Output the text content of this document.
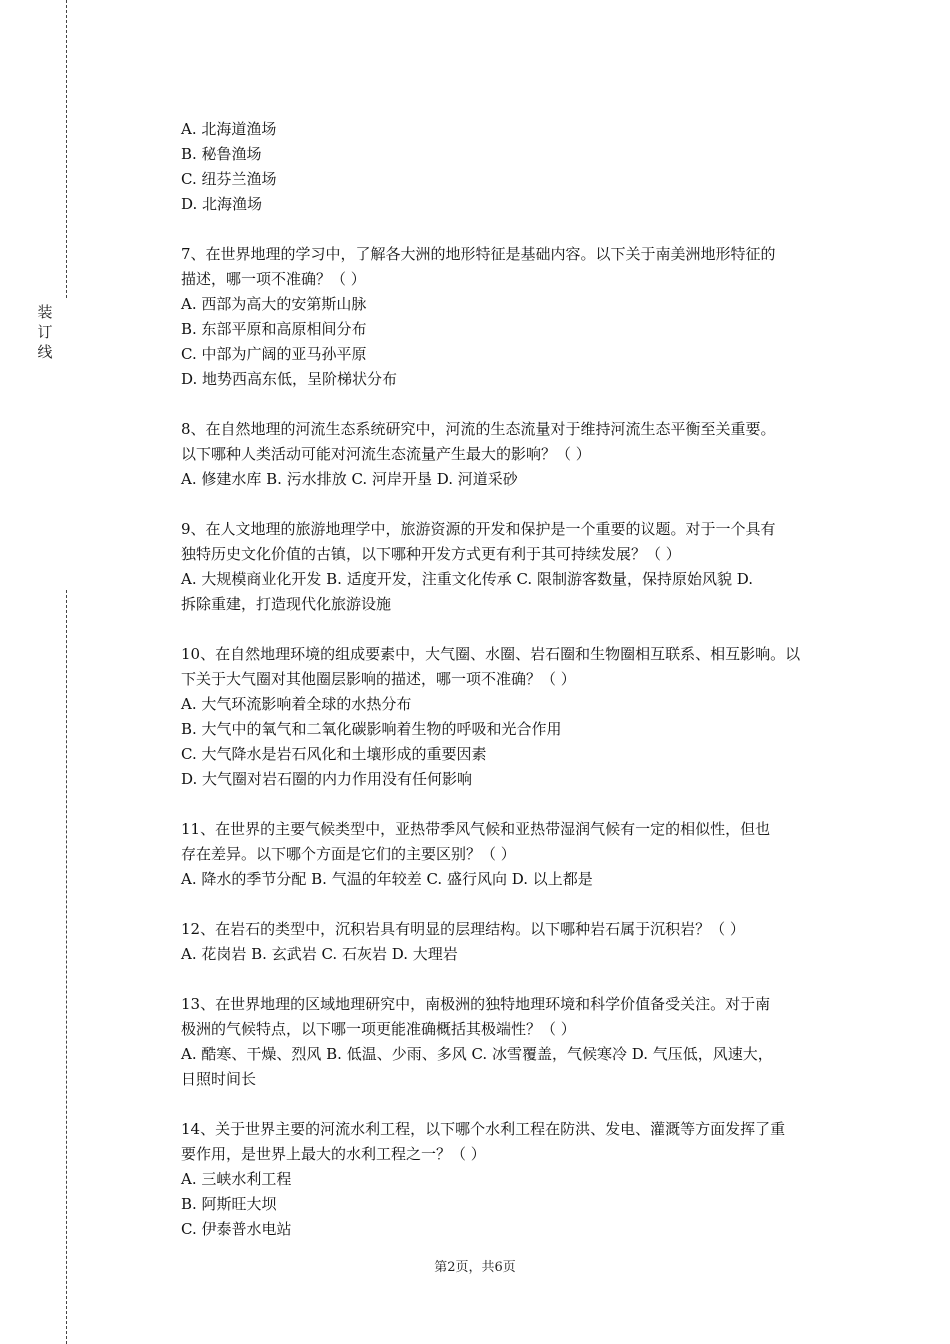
装订线
A. 北海道渔场
B. 秘鲁渔场
C. 纽芬兰渔场
D. 北海渔场
7、在世界地理的学习中，了解各大洲的地形特征是基础内容。以下关于南美洲地形特征的
描述，哪一项不准确？（ ）
A. 西部为高大的安第斯山脉
B. 东部平原和高原相间分布
C. 中部为广阔的亚马孙平原
D. 地势西高东低，呈阶梯状分布
8、在自然地理的河流生态系统研究中，河流的生态流量对于维持河流生态平衡至关重要。
以下哪种人类活动可能对河流生态流量产生最大的影响？（ ）
A. 修建水库 B. 污水排放 C. 河岸开垦 D. 河道采砂
9、在人文地理的旅游地理学中，旅游资源的开发和保护是一个重要的议题。对于一个具有
独特历史文化价值的古镇，以下哪种开发方式更有利于其可持续发展？（ ）
A. 大规模商业化开发 B. 适度开发，注重文化传承 C. 限制游客数量，保持原始风貌 D.
拆除重建，打造现代化旅游设施
10、在自然地理环境的组成要素中，大气圈、水圈、岩石圈和生物圈相互联系、相互影响。以
下关于大气圈对其他圈层影响的描述，哪一项不准确？（ ）
A. 大气环流影响着全球的水热分布
B. 大气中的氧气和二氧化碳影响着生物的呼吸和光合作用
C. 大气降水是岩石风化和土壤形成的重要因素
D. 大气圈对岩石圈的内力作用没有任何影响
11、在世界的主要气候类型中，亚热带季风气候和亚热带湿润气候有一定的相似性，但也
存在差异。以下哪个方面是它们的主要区别？（ ）
A. 降水的季节分配 B. 气温的年较差 C. 盛行风向 D. 以上都是
12、在岩石的类型中，沉积岩具有明显的层理结构。以下哪种岩石属于沉积岩？（ ）
A. 花岗岩 B. 玄武岩 C. 石灰岩 D. 大理岩
13、在世界地理的区域地理研究中，南极洲的独特地理环境和科学价值备受关注。对于南
极洲的气候特点，以下哪一项更能准确概括其极端性？（ ）
A. 酷寒、干燥、烈风 B. 低温、少雨、多风 C. 冰雪覆盖，气候寒冷 D. 气压低，风速大，
日照时间长
14、关于世界主要的河流水利工程，以下哪个水利工程在防洪、发电、灌溉等方面发挥了重
要作用，是世界上最大的水利工程之一？（ ）
A. 三峡水利工程
B. 阿斯旺大坝
C. 伊泰普水电站
第2页，共6页
